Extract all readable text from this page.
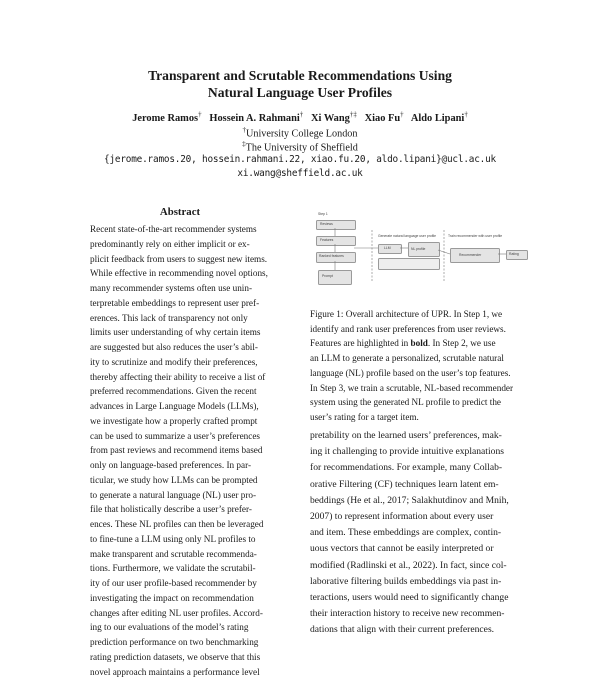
Transparent and Scrutable Recommendations Using
Natural Language User Profiles
Jerome Ramos† Hossein A. Rahmani† Xi Wang†‡ Xiao Fu† Aldo Lipani†
†University College London
‡The University of Sheffield
{jerome.ramos.20, hossein.rahmani.22, xiao.fu.20, aldo.lipani}@ucl.ac.uk
xi.wang@sheffield.ac.uk
Abstract
Recent state-of-the-art recommender systems
predominantly rely on either implicit or ex-
plicit feedback from users to suggest new items.
While effective in recommending novel options,
many recommender systems often use unin-
terpretable embeddings to represent user pref-
erences. This lack of transparency not only
limits user understanding of why certain items
are suggested but also reduces the user’s abil-
ity to scrutinize and modify their preferences,
thereby affecting their ability to receive a list of
preferred recommendations. Given the recent
advances in Large Language Models (LLMs),
we investigate how a properly crafted prompt
can be used to summarize a user’s preferences
from past reviews and recommend items based
only on language-based preferences. In par-
ticular, we study how LLMs can be prompted
to generate a natural language (NL) user pro-
file that holistically describe a user’s prefer-
ences. These NL profiles can then be leveraged
to fine-tune a LLM using only NL profiles to
make transparent and scrutable recommenda-
tions. Furthermore, we validate the scrutabil-
ity of our user profile-based recommender by
investigating the impact on recommendation
changes after editing NL user profiles. Accord-
ing to our evaluations of the model’s rating
prediction performance on two benchmarking
rating prediction datasets, we observe that this
novel approach maintains a performance level
Step 1
Reviews
Features
Ranked features
Prompt
Generate natural language user profile
LLM	NL profile
Train recommender with user profile
Recommender	Rating
Figure 1: Overall architecture of UPR. In Step 1, we
identify and rank user preferences from user reviews.
Features are highlighted in bold. In Step 2, we use
an LLM to generate a personalized, scrutable natural
language (NL) profile based on the user’s top features.
In Step 3, we train a scrutable, NL-based recommender
system using the generated NL profile to predict the
user’s rating for a target item.
pretability on the learned users’ preferences, mak-
ing it challenging to provide intuitive explanations
for recommendations. For example, many Collab-
orative Filtering (CF) techniques learn latent em-
beddings (He et al., 2017; Salakhutdinov and Mnih,
2007) to represent information about every user
and item. These embeddings are complex, contin-
uous vectors that cannot be easily interpreted or
modified (Radlinski et al., 2022). In fact, since col-
laborative filtering builds embeddings via past in-
teractions, users would need to significantly change
their interaction history to receive new recommen-
dations that align with their current preferences.
